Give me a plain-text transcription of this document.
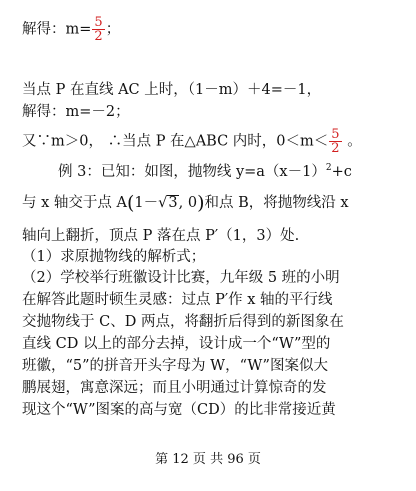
解得：$m= \frac{5}{2}$ ；
当点 P 在直线 AC 上时，（1－m）＋4=－1，
解得：m=－2；
又∵m＞0， ∴当点 P 在△ABC 内时，$0<m< \frac{5}{2}$ 。
例 3：已知：如图，抛物线 $y=a(x-1)^2+c$
与 x 轴交于点 A(1－√3, 0)和点 B，将抛物线沿 x
轴向上翻折，顶点 P 落在点 P′（1，3）处.
（1）求原抛物线的解析式；
（2）学校举行班徽设计比赛，九年级 5 班的小明
在解答此题时顿生灵感：过点 P′作 x 轴的平行线
交抛物线于 C、D 两点，将翻折后得到的新图象在
直线 CD 以上的部分去掉，设计成一个“W”型的
班徽，“5”的拼音开头字母为 W，“W”图案似大
鹏展翅，寓意深远；而且小明通过计算惊奇的发
现这个“W”图案的高与宽（CD）的比非常接近黄
第 12 页 共 96 页
